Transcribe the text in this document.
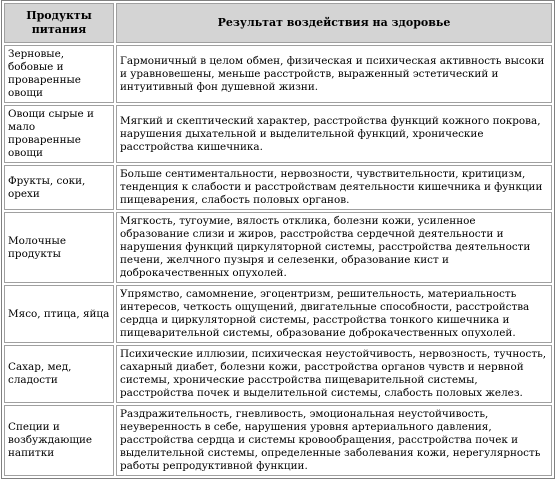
Продукты питания	Результат воздействия на здоровье
Зерновые, бобовые и проваренные овощи	Гармоничный в целом обмен, физическая и психическая активность высоки и уравновешены, меньше расстройств, выраженный эстетический и интуитивный фон душевной жизни.
Овощи сырые и мало проваренные овощи	Мягкий и скептический характер, расстройства функций кожного покрова, нарушения дыхательной и выделительной функций, хронические расстройства кишечника.
Фрукты, соки, орехи	Больше сентиментальности, нервозности, чувствительности, критицизм, тенденция к слабости и расстройствам деятельности кишечника и функции пищеварения, слабость половых органов.
Молочные продукты	Мягкость, тугоумие, вялость отклика, болезни кожи, усиленное образование слизи и жиров, расстройства сердечной деятельности и нарушения функций циркуляторной системы, расстройства деятельности печени, желчного пузыря и селезенки, образование кист и доброкачественных опухолей.
Мясо, птица, яйца	Упрямство, самомнение, эгоцентризм, решительность, материальность интересов, четкость ощущений, двигательные способности, расстройства сердца и циркуляторной системы, расстройства тонкого кишечника и пищеварительной системы, образование доброкачественных опухолей.
Сахар, мед, сладости	Психические иллюзии, психическая неустойчивость, нервозность, тучность, сахарный диабет, болезни кожи, расстройства органов чувств и нервной системы, хронические расстройства пищеварительной системы, расстройства почек и выделительной системы, слабость половых желез.
Специи и возбуждающие напитки	Раздражительность, гневливость, эмоциональная неустойчивость, неуверенность в себе, нарушения уровня артериального давления, расстройства сердца и системы кровообращения, расстройства почек и выделительной системы, определенные заболевания кожи, нерегулярность работы репродуктивной функции.
